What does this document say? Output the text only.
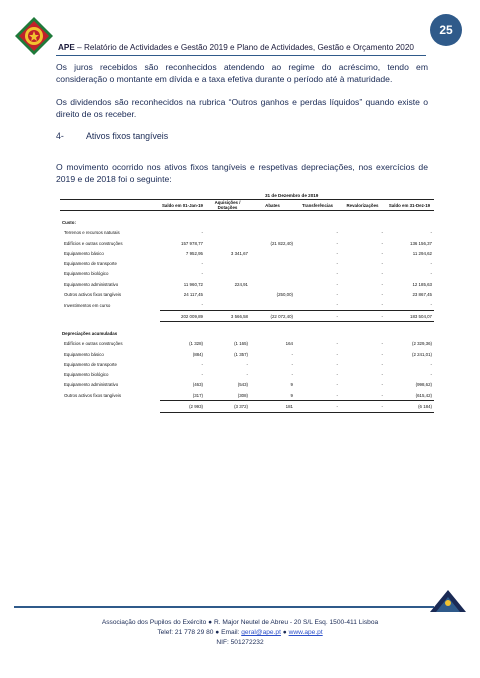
25
APE – Relatório de Actividades e Gestão 2019 e Plano de Actividades, Gestão e Orçamento 2020

Os juros recebidos são reconhecidos atendendo ao regime do acréscimo, tendo em consideração o montante em dívida e a taxa efetiva durante o período até à maturidade.

Os dividendos são reconhecidos na rubrica “Outros ganhos e perdas líquidos” quando existe o direito de os receber.

4-	Ativos fixos tangíveis

O movimento ocorrido nos ativos fixos tangíveis e respetivas depreciações, nos exercícios de 2019 e de 2018 foi o seguinte:

31 de Dezembro de 2019
	Saldo em 01-Jan-19	Aquisições / Dotações	Abates	Transferências	Revalorizações	Saldo em 31-Dez-19

Custo:						
Terrenos e recursos naturais	-			-	-	-
Edifícios e outras construções	157 978,77		(21 822,40)	-	-	136 156,37
Equipamento básico	7 952,95	3 341,67		-	-	11 294,62
Equipamento de transporte	-			-	-	-
Equipamento biológico	-			-	-	-
Equipamento administrativo	11 960,72	224,91		-	-	12 185,63
Outros activos fixos tangíveis	24 117,45		(250,00)	-	-	23 867,45
Investimentos em curso	-			-	-	-
	202 009,89	3 566,58	(22 072,40)	-	-	183 504,07

Depreciações acumuladas						
Edifícios e outras construções	(1 328)	(1 165)	164	-	-	(2 329,36)
Equipamento básico	(884)	(1 357)	-	-	-	(2 241,01)
Equipamento de transporte	-	-	-	-	-	-
Equipamento biológico	-	-	-	-	-	-
Equipamento administrativo	(463)	(543)	9	-	-	(998,62)
Outros activos fixos tangíveis	(317)	(308)	9	-	-	(615,42)
	(2 993)	(3 372)	181	-	-	(6 184)
Associação dos Pupilos do Exército ● R. Major Neutel de Abreu - 20 S/L Esq. 1500-411 Lisboa
Telef: 21 778 29 80 ● Email: geral@ape.pt ● www.ape.pt
NIF: 501272232
